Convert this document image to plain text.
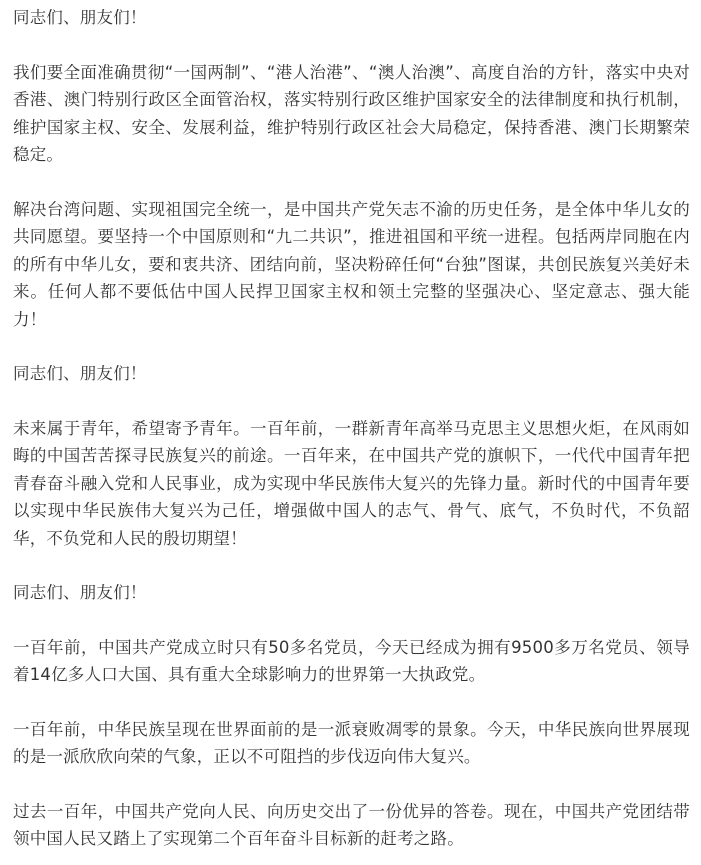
同志们、朋友们！

我们要全面准确贯彻“一国两制”、“港人治港”、“澳人治澳”、高度自治的方针，落实中央对香港、澳门特别行政区全面管治权，落实特别行政区维护国家安全的法律制度和执行机制，维护国家主权、安全、发展利益，维护特别行政区社会大局稳定，保持香港、澳门长期繁荣稳定。

解决台湾问题、实现祖国完全统一，是中国共产党矢志不渝的历史任务，是全体中华儿女的共同愿望。要坚持一个中国原则和“九二共识”，推进祖国和平统一进程。包括两岸同胞在内的所有中华儿女，要和衷共济、团结向前，坚决粉碎任何“台独”图谋，共创民族复兴美好未来。任何人都不要低估中国人民捍卫国家主权和领土完整的坚强决心、坚定意志、强大能力！

同志们、朋友们！

未来属于青年，希望寄予青年。一百年前，一群新青年高举马克思主义思想火炬，在风雨如晦的中国苦苦探寻民族复兴的前途。一百年来，在中国共产党的旗帜下，一代代中国青年把青春奋斗融入党和人民事业，成为实现中华民族伟大复兴的先锋力量。新时代的中国青年要以实现中华民族伟大复兴为己任，增强做中国人的志气、骨气、底气，不负时代，不负韶华，不负党和人民的殷切期望！

同志们、朋友们！

一百年前，中国共产党成立时只有50多名党员，今天已经成为拥有9500多万名党员、领导着14亿多人口大国、具有重大全球影响力的世界第一大执政党。

一百年前，中华民族呈现在世界面前的是一派衰败凋零的景象。今天，中华民族向世界展现的是一派欣欣向荣的气象，正以不可阻挡的步伐迈向伟大复兴。

过去一百年，中国共产党向人民、向历史交出了一份优异的答卷。现在，中国共产党团结带领中国人民又踏上了实现第二个百年奋斗目标新的赶考之路。
